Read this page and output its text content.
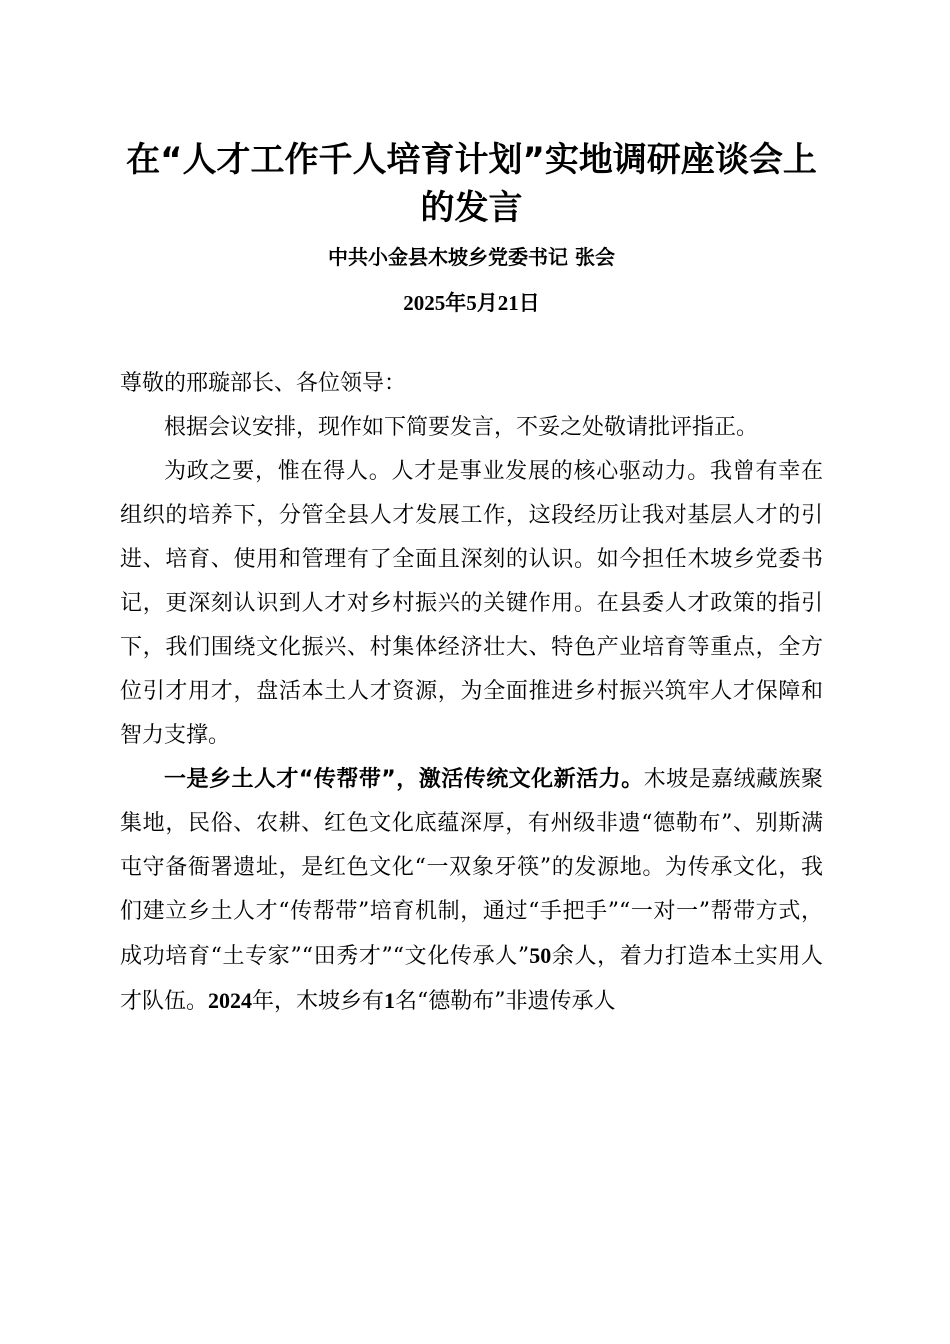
在“人才工作千人培育计划”实地调研座谈会上的发言
中共小金县木坡乡党委书记 张会
2025年5月21日

尊敬的邢璇部长、各位领导：

根据会议安排，现作如下简要发言，不妥之处敬请批评指正。

为政之要，惟在得人。人才是事业发展的核心驱动力。我曾有幸在组织的培养下，分管全县人才发展工作，这段经历让我对基层人才的引进、培育、使用和管理有了全面且深刻的认识。如今担任木坡乡党委书记，更深刻认识到人才对乡村振兴的关键作用。在县委人才政策的指引下，我们围绕文化振兴、村集体经济壮大、特色产业培育等重点，全方位引才用才，盘活本土人才资源，为全面推进乡村振兴筑牢人才保障和智力支撑。

一是乡土人才“传帮带”，激活传统文化新活力。木坡是嘉绒藏族聚集地，民俗、农耕、红色文化底蕴深厚，有州级非遗“德勒布”、别斯满屯守备衙署遗址，是红色文化“一双象牙筷”的发源地。为传承文化，我们建立乡土人才“传帮带”培育机制，通过“手把手”“一对一”帮带方式，成功培育“土专家”“田秀才”“文化传承人”50余人，着力打造本土实用人才队伍。2024年，木坡乡有1名“德勒布”非遗传承人
